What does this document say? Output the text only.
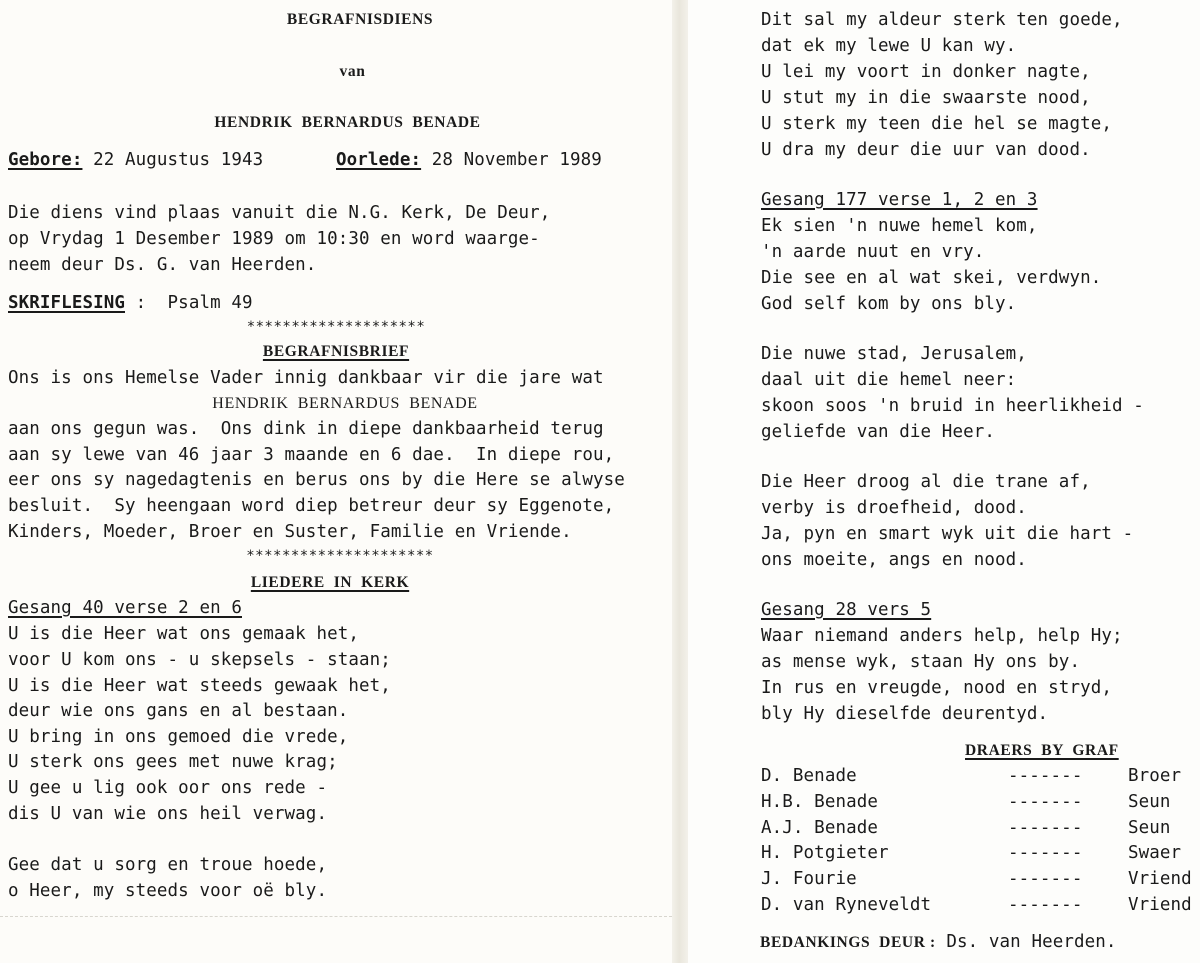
BEGRAFNISDIENS
van
HENDRIK  BERNARDUS  BENADE
Gebore: 22 Augustus 1943	Oorlede: 28 November 1989
Die diens vind plaas vanuit die N.G. Kerk, De Deur,
op Vrydag 1 Desember 1989 om 10:30 en word waarge-
neem deur Ds. G. van Heerden.
SKRIFLESING :  Psalm 49
********************
BEGRAFNISBRIEF
Ons is ons Hemelse Vader innig dankbaar vir die jare wat
HENDRIK  BERNARDUS  BENADE
aan ons gegun was.  Ons dink in diepe dankbaarheid terug
aan sy lewe van 46 jaar 3 maande en 6 dae.  In diepe rou,
eer ons sy nagedagtenis en berus ons by die Here se alwyse
besluit.  Sy heengaan word diep betreur deur sy Eggenote,
Kinders, Moeder, Broer en Suster, Familie en Vriende.
*********************
LIEDERE  IN  KERK
Gesang 40 verse 2 en 6
U is die Heer wat ons gemaak het,
voor U kom ons - u skepsels - staan;
U is die Heer wat steeds gewaak het,
deur wie ons gans en al bestaan.
U bring in ons gemoed die vrede,
U sterk ons gees met nuwe krag;
U gee u lig ook oor ons rede -
dis U van wie ons heil verwag.
Gee dat u sorg en troue hoede,
o Heer, my steeds voor oë bly.
Dit sal my aldeur sterk ten goede,
dat ek my lewe U kan wy.
U lei my voort in donker nagte,
U stut my in die swaarste nood,
U sterk my teen die hel se magte,
U dra my deur die uur van dood.
Gesang 177 verse 1, 2 en 3
Ek sien 'n nuwe hemel kom,
'n aarde nuut en vry.
Die see en al wat skei, verdwyn.
God self kom by ons bly.
Die nuwe stad, Jerusalem,
daal uit die hemel neer:
skoon soos 'n bruid in heerlikheid -
geliefde van die Heer.
Die Heer droog al die trane af,
verby is droefheid, dood.
Ja, pyn en smart wyk uit die hart -
ons moeite, angs en nood.
Gesang 28 vers 5
Waar niemand anders help, help Hy;
as mense wyk, staan Hy ons by.
In rus en vreugde, nood en stryd,
bly Hy dieselfde deurentyd.
DRAERS  BY  GRAF
D. Benade	-------	Broer
H.B. Benade	-------	Seun
A.J. Benade	-------	Seun
H. Potgieter	-------	Swaer
J. Fourie	-------	Vriend
D. van Ryneveldt	-------	Vriend
BEDANKINGS  DEUR : Ds. van Heerden.
